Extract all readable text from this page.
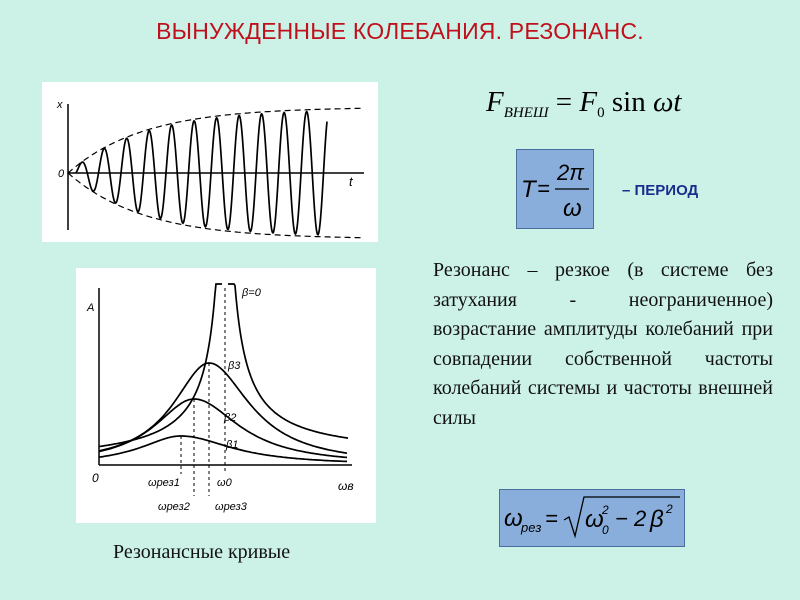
ВЫНУЖДЕННЫЕ КОЛЕБАНИЯ. РЕЗОНАНС.
x
t
0
A
ωв
0
β=0
β3
β2
β1
ωрез1	ω0
ωрез2 ωрез3
$F_{ВНЕШ} = F_0$ sin ωt
T =
2π
ω
– ПЕРИОД
Резонанс – резкое (в системе без затухания - неограниченное) возрастание амплитуды колебаний при совпадении собственной частоты колебаний системы и частоты внешней силы
ω
рез = ω
2
0 − 2 β 2
Резонансные кривые
